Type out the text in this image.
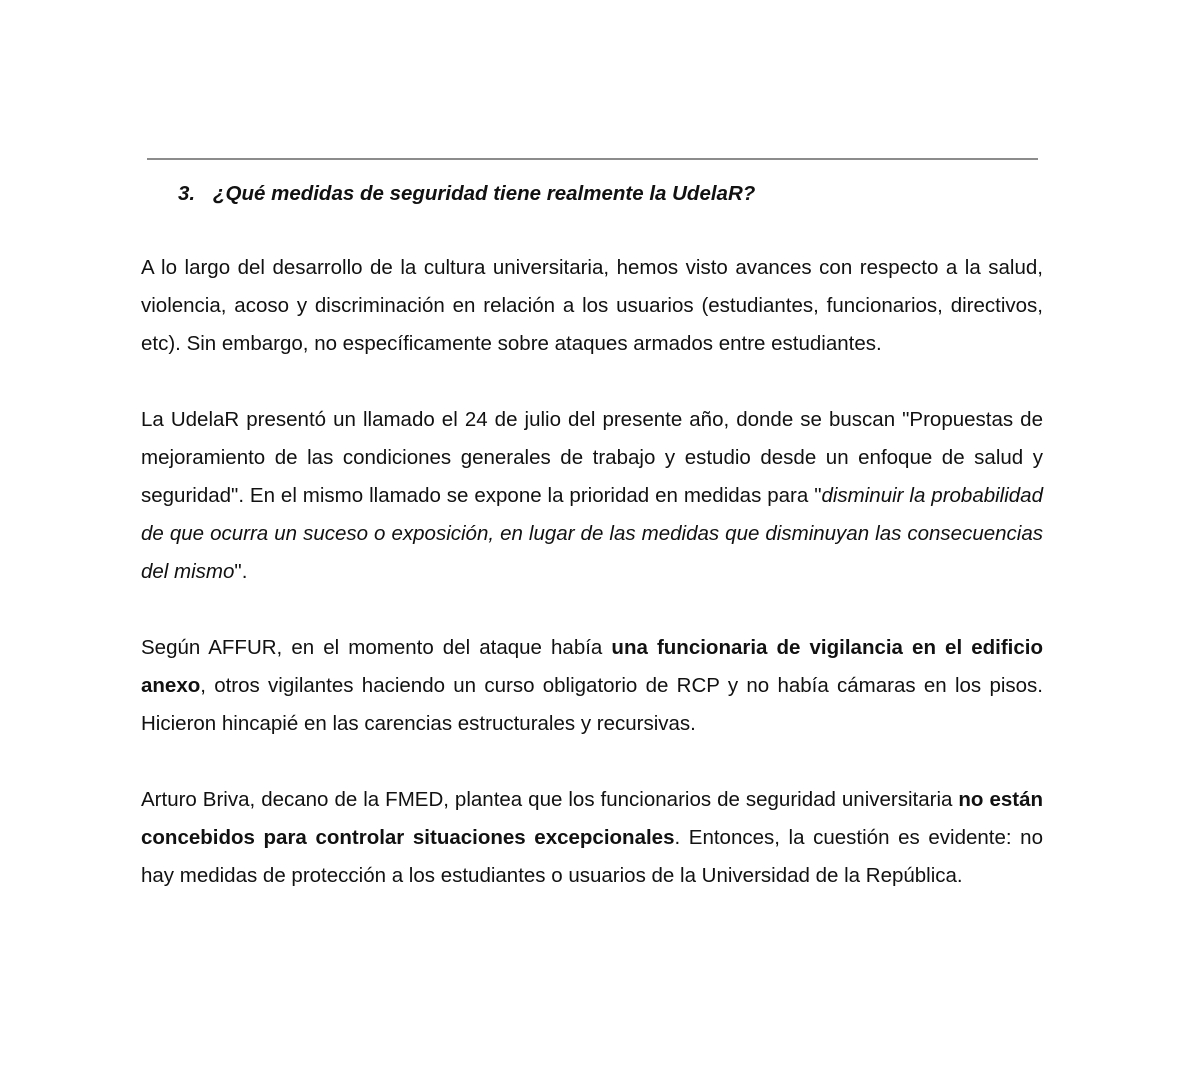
3. ¿Qué medidas de seguridad tiene realmente la UdelaR?

A lo largo del desarrollo de la cultura universitaria, hemos visto avances con respecto a la salud, violencia, acoso y discriminación en relación a los usuarios (estudiantes, funcionarios, directivos, etc). Sin embargo, no específicamente sobre ataques armados entre estudiantes.

La UdelaR presentó un llamado el 24 de julio del presente año, donde se buscan "Propuestas de mejoramiento de las condiciones generales de trabajo y estudio desde un enfoque de salud y seguridad". En el mismo llamado se expone la prioridad en medidas para "disminuir la probabilidad de que ocurra un suceso o exposición, en lugar de las medidas que disminuyan las consecuencias del mismo".

Según AFFUR, en el momento del ataque había una funcionaria de vigilancia en el edificio anexo, otros vigilantes haciendo un curso obligatorio de RCP y no había cámaras en los pisos. Hicieron hincapié en las carencias estructurales y recursivas.

Arturo Briva, decano de la FMED, plantea que los funcionarios de seguridad universitaria no están concebidos para controlar situaciones excepcionales. Entonces, la cuestión es evidente: no hay medidas de protección a los estudiantes o usuarios de la Universidad de la República.
